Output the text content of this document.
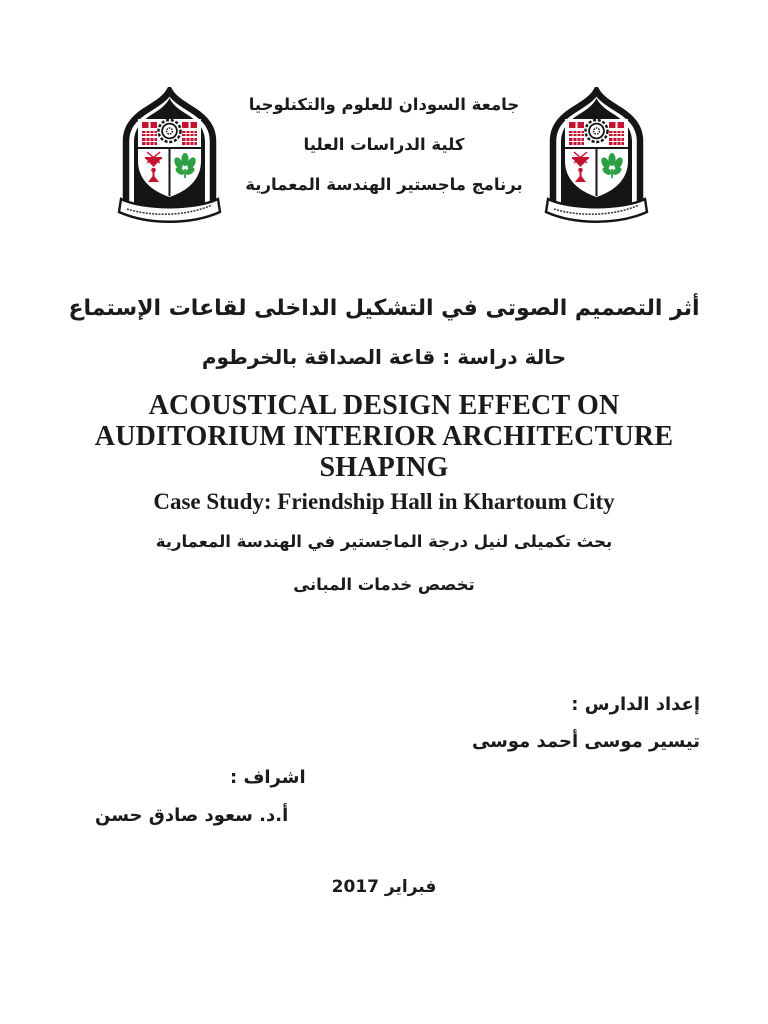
جامعة السودان للعلوم والتكنلوجيا
كلية الدراسات العليا
برنامج ماجستير الهندسة المعمارية
أثر التصميم الصوتى في التشكيل الداخلى لقاعات الإستماع
حالة دراسة : قاعة الصداقة بالخرطوم
ACOUSTICAL DESIGN EFFECT ON
AUDITORIUM INTERIOR ARCHITECTURE
SHAPING
Case Study: Friendship Hall in Khartoum City
بحث تكميلى لنيل درجة الماجستير في الهندسة المعمارية
تخصص خدمات المبانى
إعداد الدارس :
تيسير موسى أحمد موسى
اشراف :
أ.د. سعود صادق حسن
فبراير 2017
